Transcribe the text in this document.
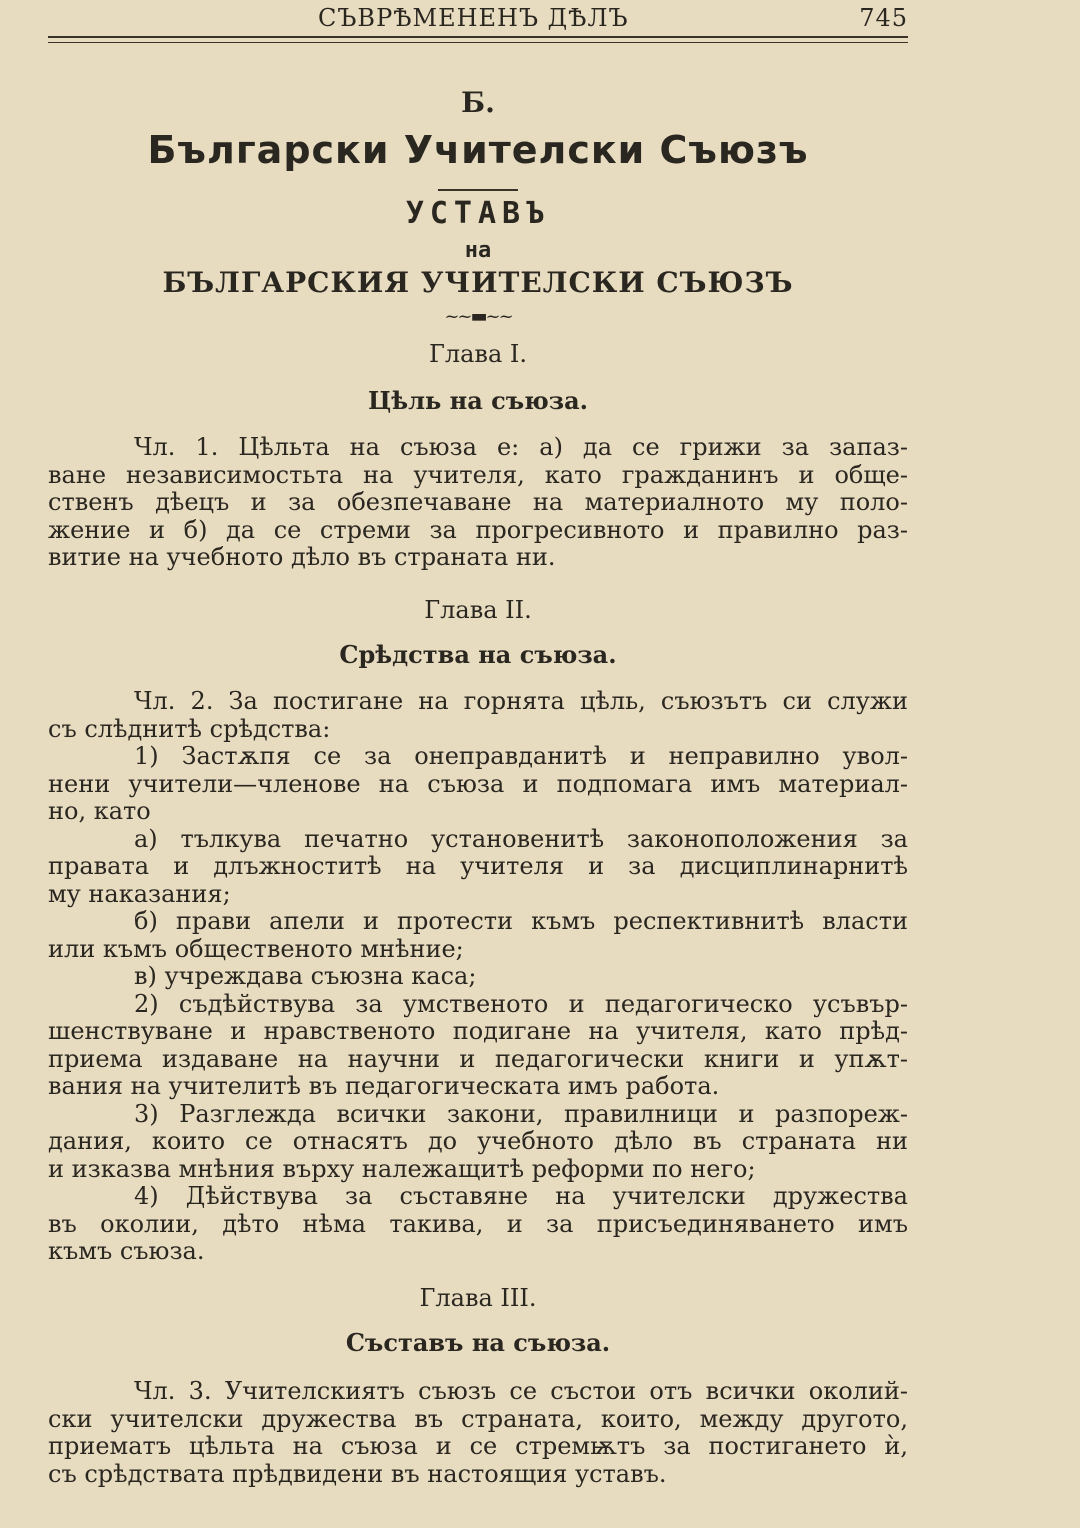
СЪВРѢМЕНЕНЪ ДѢЛЪ	745
Б.
Български Учителски Съюзъ
УСТАВЪ
на
БЪЛГАРСКИЯ УЧИТЕЛСКИ СЪЮЗЪ
~~▬~~
Глава I.
Цѣль на съюза.
Чл. 1. Цѣльта на съюза е: а) да се грижи за запаз-
ване независимостьта на учителя, като гражданинъ и обще-
ственъ дѣецъ и за обезпечаване на материалното му поло-
жение и б) да се стреми за прогресивното и правилно раз-
витие на учебното дѣло въ страната ни.
Глава II.
Срѣдства на съюза.
Чл. 2. За постигане на горнята цѣль, съюзътъ си служи
съ слѣднитѣ срѣдства:
1) Застѫпя се за онеправданитѣ и неправилно увол-
нени учители—членове на съюза и подпомага имъ материал-
но, като
а) тълкува печатно установенитѣ законоположения за
правата и длъжноститѣ на учителя и за дисциплинарнитѣ
му наказания;
б) прави апели и протести къмъ респективнитѣ власти
или къмъ общественото мнѣние;
в) учреждава съюзна каса;
2) съдѣйствува за умственото и педагогическо усъвър-
шенствуване и нравственото подигане на учителя, като прѣд-
приема издаване на научни и педагогически книги и упѫт-
вания на учителитѣ въ педагогическата имъ работа.
3) Разглежда всички закони, правилници и разпореж-
дания, които се отнасятъ до учебното дѣло въ страната ни
и изказва мнѣния върху належащитѣ реформи по него;
4) Дѣйствува за съставяне на учителски дружества
въ околии, дѣто нѣма такива, и за присъединяването имъ
къмъ съюза.
Глава III.
Съставъ на съюза.
Чл. 3. Учителскиятъ съюзъ се състои отъ всички околий-
ски учителски дружества въ страната, които, между другото,
приематъ цѣльта на съюза и се стремѭтъ за постигането ѝ,
съ срѣдствата прѣдвидени въ настоящия уставъ.
